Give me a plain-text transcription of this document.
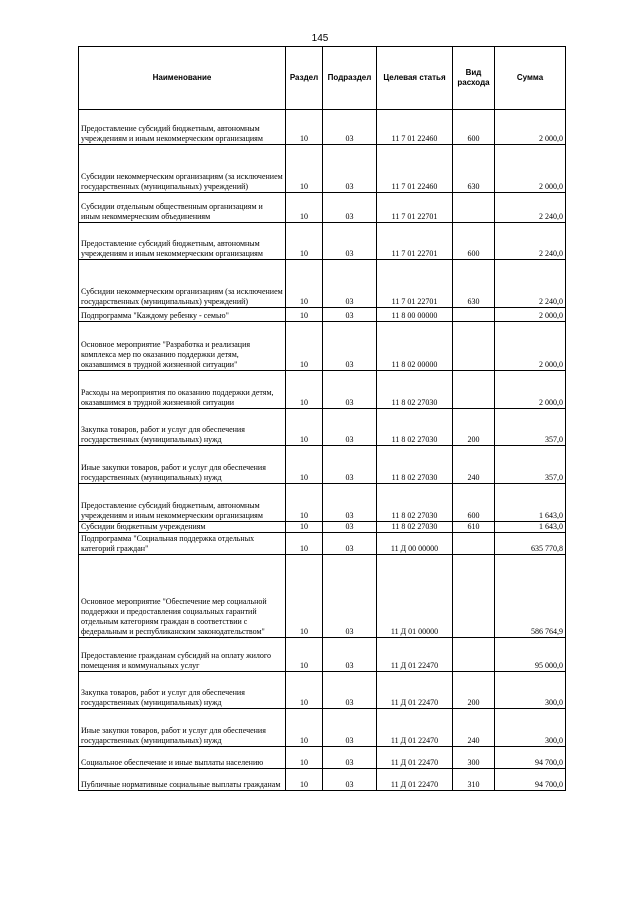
145
Наименование	Раздел	Подраздел	Целевая статья	Вид расхода	Сумма
Предоставление субсидий бюджетным, автономным учреждениям и иным некоммерческим организациям	10	03	11 7 01 22460	600	2 000,0
Субсидии некоммерческим организациям (за исключением государственных (муниципальных) учреждений)	10	03	11 7 01 22460	630	2 000,0
Субсидии отдельным общественным организациям и иным некоммерческим объединениям	10	03	11 7 01 22701		2 240,0
Предоставление субсидий бюджетным, автономным учреждениям и иным некоммерческим организациям	10	03	11 7 01 22701	600	2 240,0
Субсидии некоммерческим организациям (за исключением государственных (муниципальных) учреждений)	10	03	11 7 01 22701	630	2 240,0
Подпрограмма "Каждому ребенку - семью"	10	03	11 8 00 00000		2 000,0
Основное мероприятие "Разработка и реализация комплекса мер по оказанию поддержки детям, оказавшимся в трудной жизненной ситуации"	10	03	11 8 02 00000		2 000,0
Расходы на мероприятия по оказанию поддержки детям, оказавшимся в трудной жизненной ситуации	10	03	11 8 02 27030		2 000,0
Закупка товаров, работ и услуг для обеспечения государственных (муниципальных) нужд	10	03	11 8 02 27030	200	357,0
Иные закупки товаров, работ и услуг для обеспечения государственных (муниципальных) нужд	10	03	11 8 02 27030	240	357,0
Предоставление субсидий бюджетным, автономным учреждениям и иным некоммерческим организациям	10	03	11 8 02 27030	600	1 643,0
Субсидии бюджетным учреждениям	10	03	11 8 02 27030	610	1 643,0
Подпрограмма "Социальная поддержка отдельных категорий граждан"	10	03	11 Д 00 00000		635 770,8
Основное мероприятие "Обеспечение мер социальной поддержки и предоставления социальных гарантий отдельным категориям граждан в соответствии с федеральным и республиканским законодательством"	10	03	11 Д 01 00000		586 764,9
Предоставление гражданам субсидий на оплату жилого помещения и коммунальных услуг	10	03	11 Д 01 22470		95 000,0
Закупка товаров, работ и услуг для обеспечения государственных (муниципальных) нужд	10	03	11 Д 01 22470	200	300,0
Иные закупки товаров, работ и услуг для обеспечения государственных (муниципальных) нужд	10	03	11 Д 01 22470	240	300,0
Социальное обеспечение и иные выплаты населению	10	03	11 Д 01 22470	300	94 700,0
Публичные нормативные социальные выплаты гражданам	10	03	11 Д 01 22470	310	94 700,0
